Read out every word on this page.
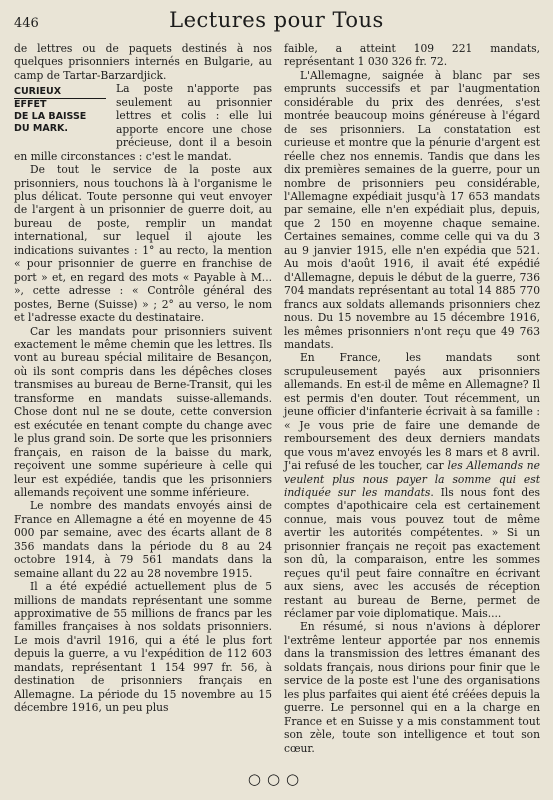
446	Lectures pour Tous

de lettres ou de paquets destinés à nos quelques prisonniers internés en Bulgarie, au camp de Tartar-Barzardjick.

CURIEUX
EFFET
DE LA BAISSE
DU MARK.

La poste n'apporte pas seulement au prisonnier lettres et colis : elle lui apporte encore une chose précieuse, dont il a besoin en mille circonstances : c'est le mandat.

De tout le service de la poste aux prisonniers, nous touchons là à l'organisme le plus délicat. Toute personne qui veut envoyer de l'argent à un prisonnier de guerre doit, au bureau de poste, remplir un mandat international, sur lequel il ajoute les indications suivantes : 1° au recto, la mention « pour prisonnier de guerre en franchise de port » et, en regard des mots « Payable à M... », cette adresse : « Contrôle général des postes, Berne (Suisse) » ; 2° au verso, le nom et l'adresse exacte du destinataire.

Car les mandats pour prisonniers suivent exactement le même chemin que les lettres. Ils vont au bureau spécial militaire de Besançon, où ils sont compris dans les dépêches closes transmises au bureau de Berne-Transit, qui les transforme en mandats suisse-allemands. Chose dont nul ne se doute, cette conversion est exécutée en tenant compte du change avec le plus grand soin. De sorte que les prisonniers français, en raison de la baisse du mark, reçoivent une somme supérieure à celle qui leur est expédiée, tandis que les prisonniers allemands reçoivent une somme inférieure.

Le nombre des mandats envoyés ainsi de France en Allemagne a été en moyenne de 45 000 par semaine, avec des écarts allant de 8 356 mandats dans la période du 8 au 24 octobre 1914, à 79 561 mandats dans la semaine allant du 22 au 28 novembre 1915.

Il a été expédié actuellement plus de 5 millions de mandats représentant une somme approximative de 55 millions de francs par les familles françaises à nos soldats prisonniers. Le mois d'avril 1916, qui a été le plus fort depuis la guerre, a vu l'expédition de 112 603 mandats, représentant 1 154 997 fr. 56, à destination de prisonniers français en Allemagne. La période du 15 novembre au 15 décembre 1916, un peu plus

faible, a atteint 109 221 mandats, représentant 1 030 326 fr. 72.

L'Allemagne, saignée à blanc par ses emprunts successifs et par l'augmentation considérable du prix des denrées, s'est montrée beaucoup moins généreuse à l'égard de ses prisonniers. La constatation est curieuse et montre que la pénurie d'argent est réelle chez nos ennemis. Tandis que dans les dix premières semaines de la guerre, pour un nombre de prisonniers peu considérable, l'Allemagne expédiait jusqu'à 17 653 mandats par semaine, elle n'en expédiait plus, depuis, que 2 150 en moyenne chaque semaine. Certaines semaines, comme celle qui va du 3 au 9 janvier 1915, elle n'en expédia que 521. Au mois d'août 1916, il avait été expédié d'Allemagne, depuis le début de la guerre, 736 704 mandats représentant au total 14 885 770 francs aux soldats allemands prisonniers chez nous. Du 15 novembre au 15 décembre 1916, les mêmes prisonniers n'ont reçu que 49 763 mandats.

En France, les mandats sont scrupuleusement payés aux prisonniers allemands. En est-il de même en Allemagne? Il est permis d'en douter. Tout récemment, un jeune officier d'infanterie écrivait à sa famille : « Je vous prie de faire une demande de remboursement des deux derniers mandats que vous m'avez envoyés les 8 mars et 8 avril. J'ai refusé de les toucher, car les Allemands ne veulent plus nous payer la somme qui est indiquée sur les mandats. Ils nous font des comptes d'apothicaire cela est certainement connue, mais vous pouvez tout de même avertir les autorités compétentes. » Si un prisonnier français ne reçoit pas exactement son dû, la comparaison, entre les sommes reçues qu'il peut faire connaître en écrivant aux siens, avec les accusés de réception restant au bureau de Berne, permet de réclamer par voie diplomatique. Mais....

En résumé, si nous n'avions à déplorer l'extrême lenteur apportée par nos ennemis dans la transmission des lettres émanant des soldats français, nous dirions pour finir que le service de la poste est l'une des organisations les plus parfaites qui aient été créées depuis la guerre. Le personnel qui en a la charge en France et en Suisse y a mis constamment tout son zèle, toute son intelligence et tout son cœur.

○○○
